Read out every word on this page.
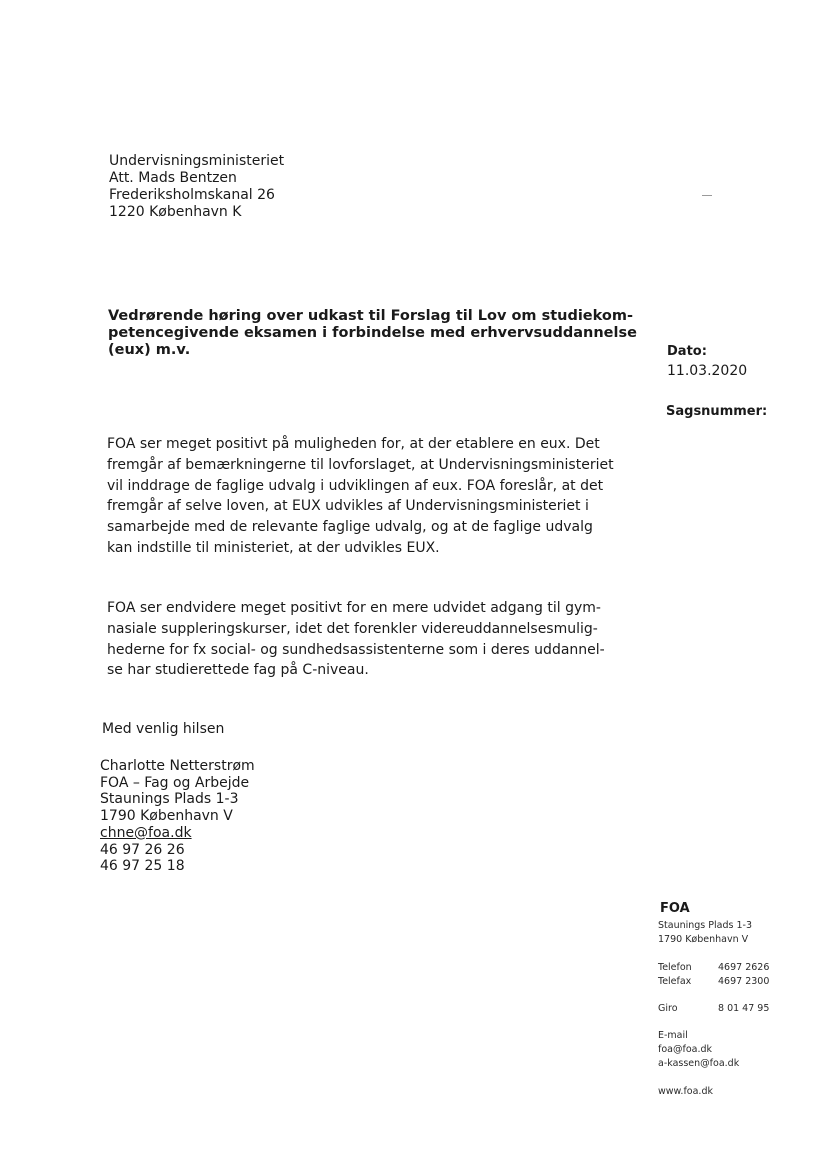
Undervisningsministeriet
Att. Mads Bentzen
Frederiksholmskanal 26
1220 København K
Vedrørende høring over udkast til Forslag til Lov om studiekom-
petencegivende eksamen i forbindelse med erhvervsuddannelse
(eux) m.v.	Dato:
11.03.2020
Sagsnummer:
FOA ser meget positivt på muligheden for, at der etablere en eux. Det
fremgår af bemærkningerne til lovforslaget, at Undervisningsministeriet
vil inddrage de faglige udvalg i udviklingen af eux. FOA foreslår, at det
fremgår af selve loven, at EUX udvikles af Undervisningsministeriet i
samarbejde med de relevante faglige udvalg, og at de faglige udvalg
kan indstille til ministeriet, at der udvikles EUX.
FOA ser endvidere meget positivt for en mere udvidet adgang til gym-
nasiale suppleringskurser, idet det forenkler videreuddannelsesmulig-
hederne for fx social- og sundhedsassistenterne som i deres uddannel-
se har studierettede fag på C-niveau.
Med venlig hilsen
Charlotte Netterstrøm
FOA – Fag og Arbejde
Staunings Plads 1-3
1790 København V
chne@foa.dk
46 97 26 26
46 97 25 18
FOA
Staunings Plads 1-3
1790 København V
Telefon	4697 2626
Telefax	4697 2300
Giro	8 01 47 95
E-mail
foa@foa.dk
a-kassen@foa.dk
www.foa.dk
